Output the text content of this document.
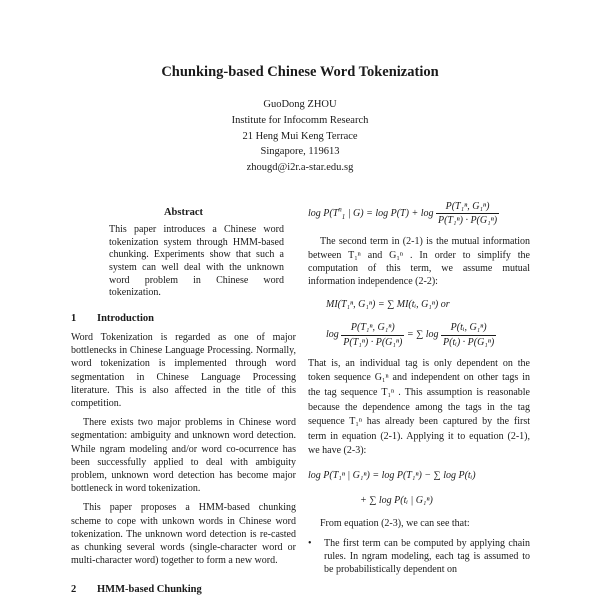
Chunking-based Chinese Word Tokenization
GuoDong ZHOU
Institute for Infocomm Research
21 Heng Mui Keng Terrace
Singapore, 119613
zhougd@i2r.a-star.edu.sg
Abstract

This paper introduces a Chinese word tokenization system through HMM-based chunking. Experiments show that such a system can well deal with the unknown word problem in Chinese word tokenization.

1 Introduction

Word Tokenization is regarded as one of major bottlenecks in Chinese Language Processing. Normally, word tokenization is implemented through word segmentation in Chinese Language Processing literature. This is also affected in the title of this competition.

There exists two major problems in Chinese word segmentation: ambiguity and unknown word detection. While ngram modeling and/or word co-ocurrence has been successfully applied to deal with ambiguity problem, unknown word detection has become major bottleneck in word tokenization.

This paper proposes a HMM-based chunking scheme to cope with unkown words in Chinese word tokenization. The unknown word detection is re-casted as chunking several words (single-character word or multi-character word) together to form a new word.

2 HMM-based Chunking
$\log P(T^n_1$ | $G) = \log P(T) + \log \frac{\text{P(T₁ⁿ, G₁ⁿ)}}{\text{P(T₁ⁿ) · P(G₁ⁿ)}}$

The second term in (2-1) is the mutual information between T₁ⁿ and G₁ⁿ . In order to simplify the computation of this term, we assume mutual information independence (2-2):

MI(T₁ⁿ, G₁ⁿ) = ∑ MI(tᵢ, G₁ⁿ) or
$\log \frac{\text{P(T₁ⁿ, G₁ⁿ)}}{\text{P(T₁ⁿ) · P(G₁ⁿ)}}$ = ∑ $\log \frac{\text{P(tᵢ, G₁ⁿ)}}{\text{P(tᵢ) · P(G₁ⁿ)}}$

That is, an individual tag is only dependent on the token sequence G₁ⁿ and independent on other tags in the tag sequence T₁ⁿ . This assumption is reasonable because the dependence among the tags in the tag sequence T₁ⁿ has already been captured by the first term in equation (2-1). Applying it to equation (2-1), we have (2-3):

log P(T₁ⁿ | G₁ⁿ) = log P(T₁ⁿ) − ∑ log P(tᵢ)
+ ∑ log P(tᵢ | G₁ⁿ)

From equation (2-3), we can see that:

•	The first term can be computed by applying chain rules. In ngram modeling, each tag is assumed to be probabilistically dependent on
